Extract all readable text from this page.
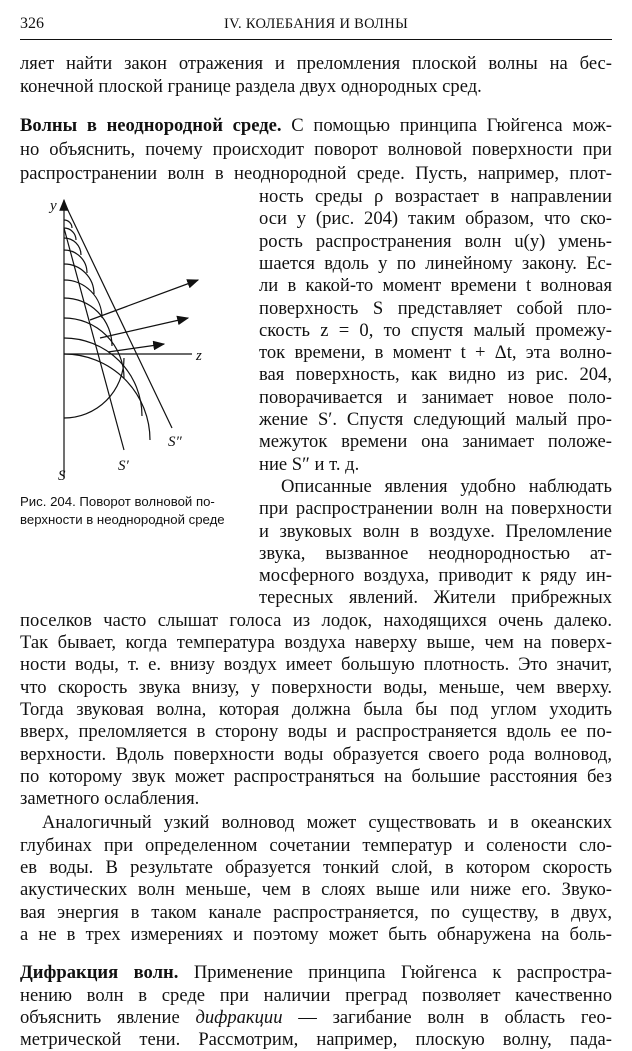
326	IV. КОЛЕБАНИЯ И ВОЛНЫ
ляет найти закон отражения и преломления плоской волны на бес-
конечной плоской границе раздела двух однородных сред.
Волны в неоднородной среде. С помощью принципа Гюйгенса мож-
но объяснить, почему происходит поворот волновой поверхности при
распространении волн в неоднородной среде. Пусть, например, плот-
ность среды ρ возрастает в направлении
оси y (рис. 204) таким образом, что ско-
рость распространения волн u(y) умень-
шается вдоль y по линейному закону. Ес-
ли в какой-то момент времени t волновая
поверхность S представляет собой пло-
скость z = 0, то спустя малый промежу-
ток времени, в момент t + Δt, эта волно-
вая поверхность, как видно из рис. 204,
поворачивается и занимает новое поло-
жение S′. Спустя следующий малый про-
межуток времени она занимает положе-
ние S″ и т. д.
Описанные явления удобно наблюдать
при распространении волн на поверхности
и звуковых волн в воздухе. Преломление
звука, вызванное неоднородностью ат-
мосферного воздуха, приводит к ряду ин-
тересных явлений. Жители прибрежных
поселков часто слышат голоса из лодок, находящихся очень далеко.
Так бывает, когда температура воздуха наверху выше, чем на поверх-
ности воды, т. е. внизу воздух имеет большую плотность. Это значит,
что скорость звука внизу, у поверхности воды, меньше, чем вверху.
Тогда звуковая волна, которая должна была бы под углом уходить
вверх, преломляется в сторону воды и распространяется вдоль ее по-
верхности. Вдоль поверхности воды образуется своего рода волновод,
по которому звук может распространяться на большие расстояния без
заметного ослабления.
Аналогичный узкий волновод может существовать и в океанских
глубинах при определенном сочетании температур и солености сло-
ев воды. В результате образуется тонкий слой, в котором скорость
акустических волн меньше, чем в слоях выше или ниже его. Звуко-
вая энергия в таком канале распространяется, по существу, в двух,
а не в трех измерениях и поэтому может быть обнаружена на боль-
y
z
S
S′
S″
Рис. 204. Поворот волновой по-
верхности в неоднородной среде
Дифракция волн. Применение принципа Гюйгенса к распростра-
нению волн в среде при наличии преград позволяет качественно
объяснить явление дифракции — загибание волн в область гео-
метрической тени. Рассмотрим, например, плоскую волну, пада-
